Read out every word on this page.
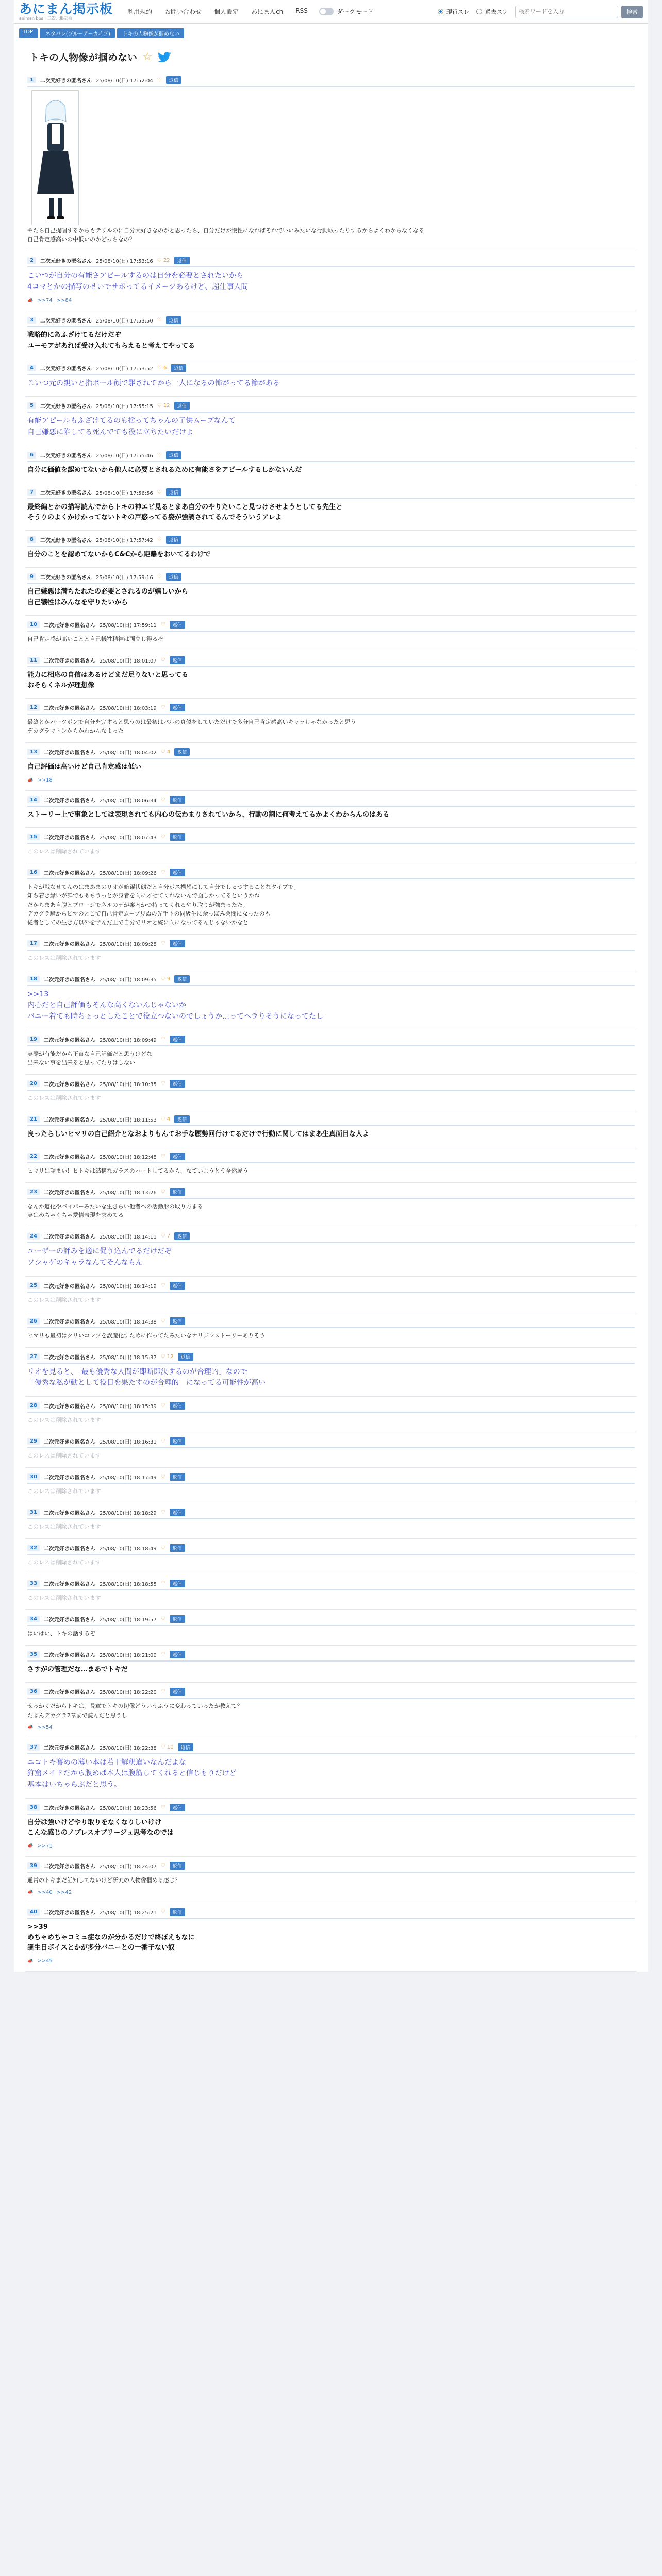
あにまん掲示板
animan bbs｜二次元掲示板
利用規約 お問い合わせ 個人設定 あにまんch RSS	ダークモード	現行スレ	過去スレ
検索ワードを入力	検索
TOP	ネタバレ(ブルーアーカイブ)	トキの人物像が掴めない
トキの人物像が掴めない ☆
1	二次元好きの匿名さん 25/08/10(日) 17:52:04 ♡	返信
やたら自己提唱するからもテリルのに自分大好きなのかと思ったら、自分だけが慢性になればそれでいいみたいな行動取ったりするからよくわからなくなる
自己肯定感高いの中低いのかどっちなの？
2	二次元好きの匿名さん 25/08/10(日) 17:53:16 ♡ 22	返信
こいつが自分の有能さアピールするのは自分を必要とされたいから
4コマとかの描写のせいでサボってるイメージあるけど、超仕事人間
📣 >>74 >>84
3	二次元好きの匿名さん 25/08/10(日) 17:53:50 ♡	返信
戦略的にあふざけてるだけだぞ
ユーモアがあれば受け入れてもらえると考えてやってる
4	二次元好きの匿名さん 25/08/10(日) 17:53:52 ♡ 6	返信
こいつ元の親いと指ボール顔で駆されてから一人になるの怖がってる節がある
5	二次元好きの匿名さん 25/08/10(日) 17:55:15 ♡ 12	返信
有能アピールもふざけてるのも捨ってちゃんの子供ムーブなんて
自己嫌悪に陥してる死んでても役に立ちたいだけよ
6	二次元好きの匿名さん 25/08/10(日) 17:55:46 ♡	返信
自分に価値を認めてないから他人に必要とされるために有能さをアピールするしかないんだ
7	二次元好きの匿名さん 25/08/10(日) 17:56:56 ♡	返信
最終編とかの描写読んでからトキの神エビ見るとまあ自分のやりたいこと見つけさせようとしてる先生と
そうりのよくかけかってないトキの戸惑ってる姿が強調されてるんでそういうアレよ
8	二次元好きの匿名さん 25/08/10(日) 17:57:42 ♡	返信
自分のことを認めてないからC&Cから距離をおいてるわけで
9	二次元好きの匿名さん 25/08/10(日) 17:59:16 ♡	返信
自己嫌悪は満ちたれたの必要とされるのが嬉しいから
自己犠牲はみんなを守りたいから
10	二次元好きの匿名さん 25/08/10(日) 17:59:11 ♡	返信
自己肯定感が高いことと自己犠牲精神は両立し得るぞ
11	二次元好きの匿名さん 25/08/10(日) 18:01:07 ♡	返信
能力に相応の自信はあるけどまだ足りないと思ってる
おそらくネルが理想像
12	二次元好きの匿名さん 25/08/10(日) 18:03:19 ♡	返信
最終とかパーツポンで自分を完すると思うのは最初はパルの真似をしていただけで多分自己肯定感高いキャラじゃなかったと思う
デカグラマトンからかわかんなよった
13	二次元好きの匿名さん 25/08/10(日) 18:04:02 ♡ 4	返信
自己評価は高いけど自己肯定感は低い
📣 >>18
14	二次元好きの匿名さん 25/08/10(日) 18:06:34 ♡	返信
ストーリー上で事象としては表現されても内心の伝わまりされていから、行動の割に何考えてるかよくわからんのはある
15	二次元好きの匿名さん 25/08/10(日) 18:07:43 ♡	返信
このレスは削除されています
16	二次元好きの匿名さん 25/08/10(日) 18:09:26 ♡	返信
トキが戦なせてんのはまあまのリオが暗躍状態だと自分ボス構想にして自分でしゅつすることなタイプで。
知ち着き縁いが詳でもあちうっとが身者を向に才せてくれないんで面しかってるというかね
だからまあ自腹とプロージでネルのデが案内かつ持ってくれるやり取りが強まったた。
デカグラ騒からビマのとこで自己肯定ムーブ見ぬの先手下の同級生に余っぽみ会間になったのも
従者としての生き方以外を学んだ上で自分でリオと統に向になってるんじゃないかなと
17	二次元好きの匿名さん 25/08/10(日) 18:09:28 ♡	返信
このレスは削除されています
18	二次元好きの匿名さん 25/08/10(日) 18:09:35 ♡ 9	返信
>>13
内心だと自己評価もそんな高くないんじゃないか
バニー着ても時ちょっとしたことで役立つないのでしょうか…ってヘラりそうになってたし
19	二次元好きの匿名さん 25/08/10(日) 18:09:49 ♡	返信
実際が有能だから正直な自己評価だと思うけどな
出来ない事を出来ると思ってたりはしない
20	二次元好きの匿名さん 25/08/10(日) 18:10:35 ♡	返信
このレスは削除されています
21	二次元好きの匿名さん 25/08/10(日) 18:11:53 ♡ 4	返信
良ったらしいヒマリの自己紹介となおよりもんてお手な腰勢回行けてるだけで行動に関してはまあ生真面目な人よ
22	二次元好きの匿名さん 25/08/10(日) 18:12:48 ♡	返信
ヒマリは詰まい！ヒトキは結構なガラスのハートしてるから、なていようとう全然違う
23	二次元好きの匿名さん 25/08/10(日) 18:13:26 ♡	返信
なんか道化やバイパーみたいな生きらい他者への活動形の取り方まる
実はめちゃくちゃ愛情表現を求めてる
24	二次元好きの匿名さん 25/08/10(日) 18:14:11 ♡ 7	返信
ユーザーの評みを適に促う込んでるだけだぞ
ソシャゲのキャラなんてそんなもん
25	二次元好きの匿名さん 25/08/10(日) 18:14:19 ♡	返信
このレスは削除されています
26	二次元好きの匿名さん 25/08/10(日) 18:14:38 ♡	返信
ヒマリも最初はクリいコンプを誤魔化すために作ってたみたいなオリジンストーリーありそう
27	二次元好きの匿名さん 25/08/10(日) 18:15:37 ♡ 12	返信
リオを見ると、「最も優秀な人間が即断即決するのが合理的」なので
「優秀な私が動として役目を果たすのが合理的」になってる可能性が高い
28	二次元好きの匿名さん 25/08/10(日) 18:15:39 ♡	返信
このレスは削除されています
29	二次元好きの匿名さん 25/08/10(日) 18:16:31 ♡	返信
このレスは削除されています
30	二次元好きの匿名さん 25/08/10(日) 18:17:49 ♡	返信
このレスは削除されています
31	二次元好きの匿名さん 25/08/10(日) 18:18:29 ♡	返信
このレスは削除されています
32	二次元好きの匿名さん 25/08/10(日) 18:18:49 ♡	返信
このレスは削除されています
33	二次元好きの匿名さん 25/08/10(日) 18:18:55 ♡	返信
このレスは削除されています
34	二次元好きの匿名さん 25/08/10(日) 18:19:57 ♡	返信
はいはい、トキの話するぞ
35	二次元好きの匿名さん 25/08/10(日) 18:21:00 ♡	返信
さすがの管理だな…まあでトキだ
36	二次元好きの匿名さん 25/08/10(日) 18:22:20 ♡	返信
せっかくだからトキは、長章でトキの切像どういうふうに変わっていったか教えて？
たぶんデカグラ2章まで読んだと思うし
📣 >>54
37	二次元好きの匿名さん 25/08/10(日) 18:22:38 ♡ 10	返信
ニコトキ賽めの薄い本は若干解釈違いなんだよな
狩窟メイドだから腹めば本人は腹筋してくれると信じもりだけど
基本はいちゃらぶだと思う。
38	二次元好きの匿名さん 25/08/10(日) 18:23:56 ♡	返信
自分は強いけどやり取りをなくなりしいけけ
こんな感じのノブレスオブリージュ思考なのでは
📣 >>71
39	二次元好きの匿名さん 25/08/10(日) 18:24:07 ♡	返信
通常のトキまだ話知してないけど研究の人物像掴める感じ？
📣 >>40 >>42
40	二次元好きの匿名さん 25/08/10(日) 18:25:21 ♡	返信
>>39
めちゃめちゃコミュ症なのが分かるだけで終ぼえもなに
誕生日ボイスとかが多分バニーとの一番子ない奴
📣 >>45
